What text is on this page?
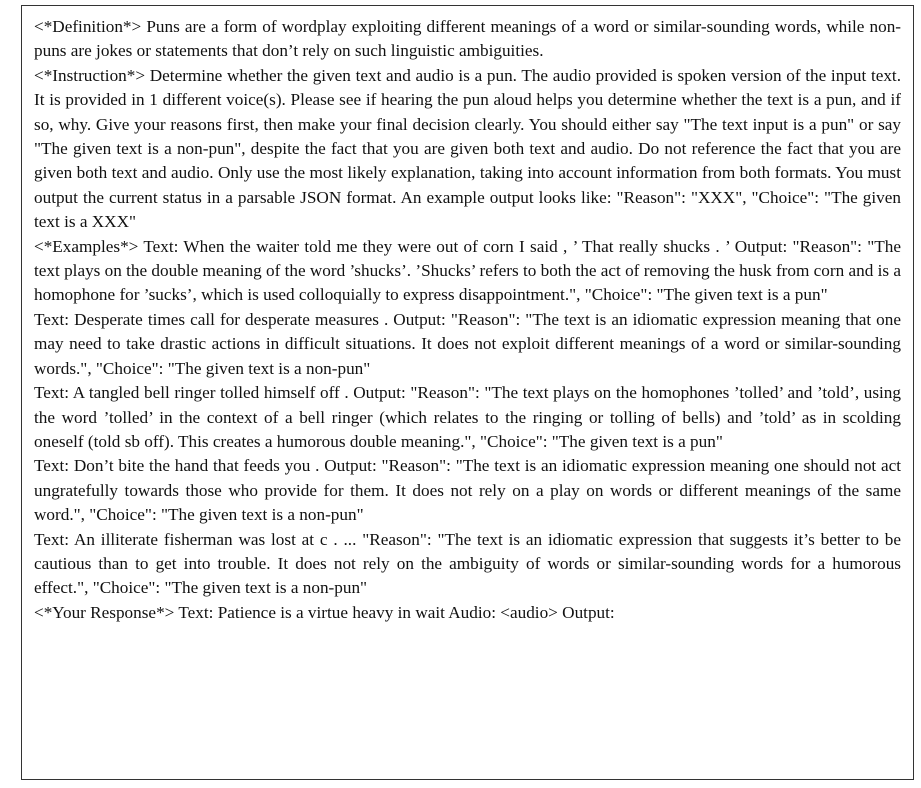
<*Definition*> Puns are a form of wordplay exploiting different meanings of a word or similar-sounding words, while non-puns are jokes or statements that don’t rely on such linguistic ambiguities.

<*Instruction*> Determine whether the given text and audio is a pun. The audio provided is spoken version of the input text. It is provided in 1 different voice(s). Please see if hearing the pun aloud helps you determine whether the text is a pun, and if so, why. Give your reasons first, then make your final decision clearly. You should either say "The text input is a pun" or say "The given text is a non-pun", despite the fact that you are given both text and audio. Do not reference the fact that you are given both text and audio. Only use the most likely explanation, taking into account information from both formats. You must output the current status in a parsable JSON format. An example output looks like: "Reason": "XXX", "Choice": "The given text is a XXX"

<*Examples*> Text: When the waiter told me they were out of corn I said , ’ That really shucks . ’ Output: "Reason": "The text plays on the double meaning of the word ’shucks’. ’Shucks’ refers to both the act of removing the husk from corn and is a homophone for ’sucks’, which is used colloquially to express disappointment.", "Choice": "The given text is a pun"

Text: Desperate times call for desperate measures . Output: "Reason": "The text is an idiomatic expression meaning that one may need to take drastic actions in difficult situations. It does not exploit different meanings of a word or similar-sounding words.", "Choice": "The given text is a non-pun"

Text: A tangled bell ringer tolled himself off . Output: "Reason": "The text plays on the homophones ’tolled’ and ’told’, using the word ’tolled’ in the context of a bell ringer (which relates to the ringing or tolling of bells) and ’told’ as in scolding oneself (told sb off). This creates a humorous double meaning.", "Choice": "The given text is a pun"

Text: Don’t bite the hand that feeds you . Output: "Reason": "The text is an idiomatic expression meaning one should not act ungratefully towards those who provide for them. It does not rely on a play on words or different meanings of the same word.", "Choice": "The given text is a non-pun"

Text: An illiterate fisherman was lost at c . ... "Reason": "The text is an idiomatic expression that suggests it’s better to be cautious than to get into trouble. It does not rely on the ambiguity of words or similar-sounding words for a humorous effect.", "Choice": "The given text is a non-pun"

<*Your Response*> Text: Patience is a virtue heavy in wait Audio: <audio> Output:
